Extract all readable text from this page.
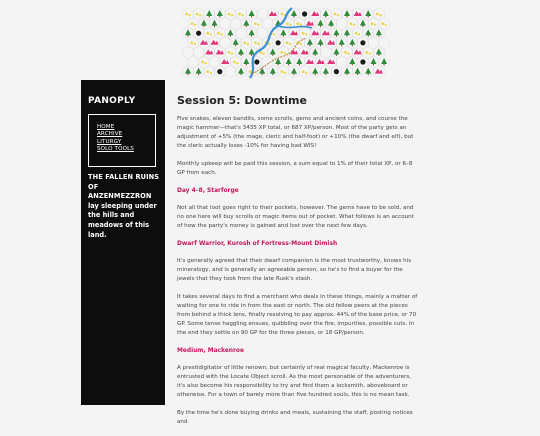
PANOPLY
HOME
ARCHIVE
LITURGY
SOLO TOOLS
THE FALLEN RUINS
OF
ANZENMEZZRON
lay sleeping under
the hills and
meadows of this
land.
Session 5: Downtime

Five snakes, eleven bandits, some scrolls, gems and ancient coins, and course the magic hammer—that's 3435 XP total, or 687 XP/person. Most of the party gets an adjustment of +5% (the mage, cleric and half-foot) or +10% (the dwarf and elf), but the cleric actually loses -10% for having bad WIS!

Monthly upkeep will be paid this session, a sum equal to 1% of their total XP, or 6–8 GP from each.

Day 4–8, Starforge

Not all that loot goes right to their pockets, however. The gems have to be sold, and no one here will buy scrolls or magic items out of pocket. What follows is an account of how the party's money is gained and lost over the next few days.

Dwarf Warrior, Kurosh of Fortress-Mount Dimish

It's generally agreed that their dwarf companion is the most trustworthy, knows his mineralogy, and is generally an agreeable person, so he's to find a buyer for the jewels that they took from the late Rusk's stash.

It takes several days to find a merchant who deals in these things, mainly a matter of waiting for one to ride in from the east or north. The old fellow peers at the pieces from behind a thick lens, finally resolving to pay approx. 44% of the base price, or 70 GP. Some tense haggling ensues, quibbling over the fire, impurities, possible cuts. In the end they settle on 90 GP for the three pieces, or 18 GP/person.

Medium, Mackenroe

A prestidigitator of little renown, but certainly of real magical faculty, Mackenroe is entrusted with the Locate Object scroll. As the most personable of the adventurers, it's also become his responsibility to try and find them a locksmith, aboveboard or otherwise. For a town of barely more than five hundred souls, this is no mean task.

By the time he's done buying drinks and meals, sustaining the staff, posting notices and
